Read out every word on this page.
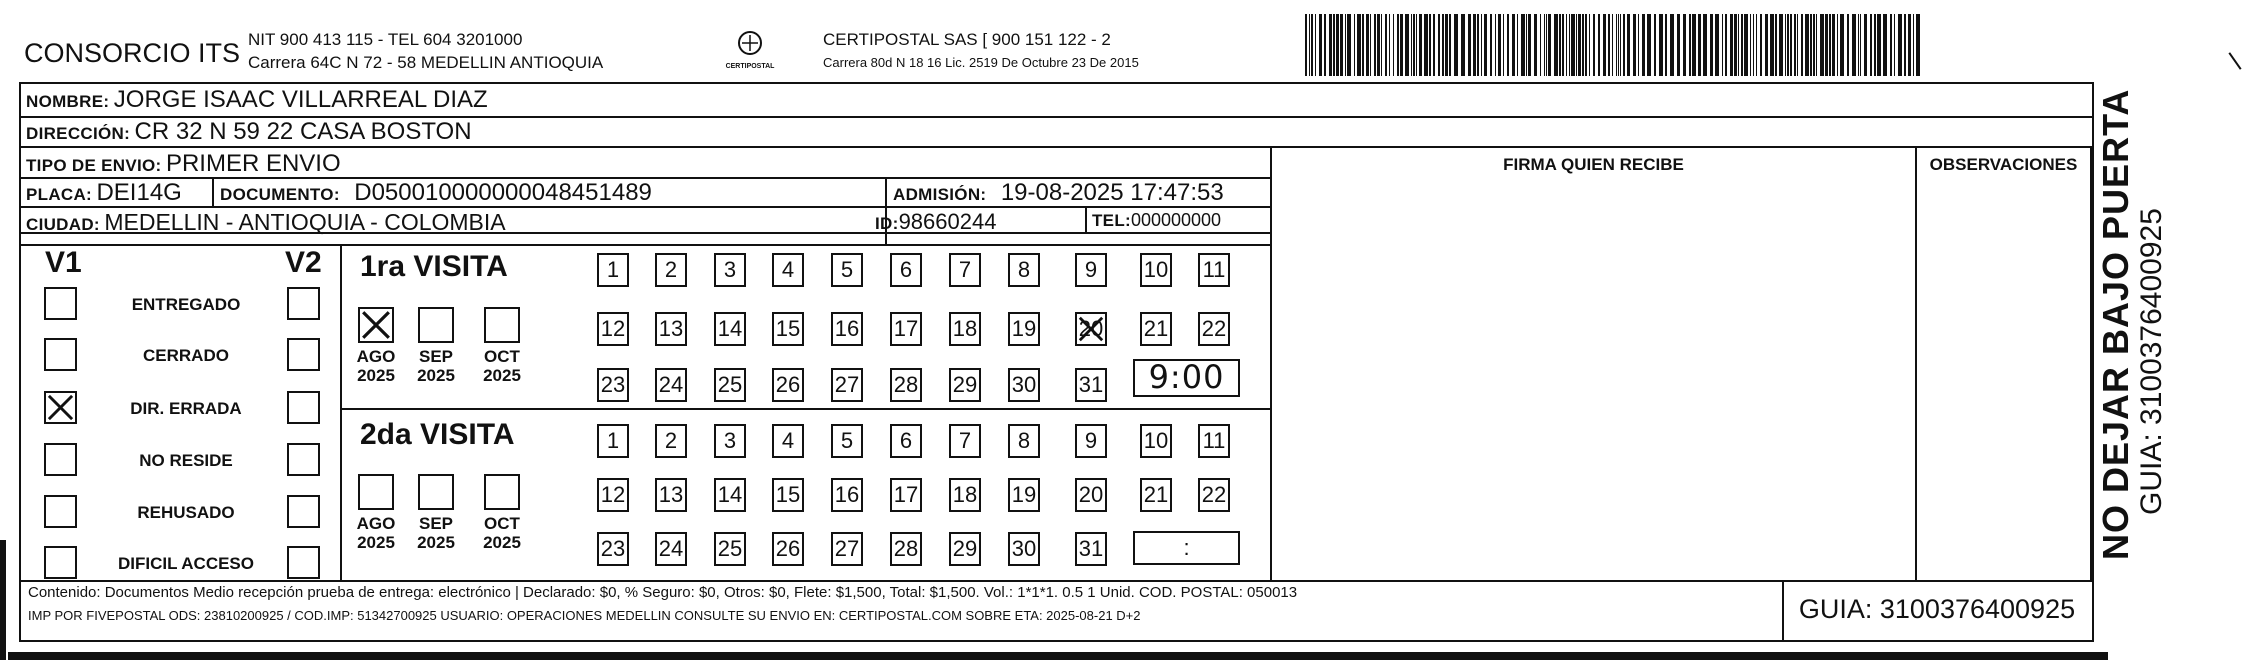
CONSORCIO ITS NIT 900 413 115 - TEL 604 3201000
Carrera 64C N 72 - 58 MEDELLIN ANTIOQUIA	CERTIPOSTAL
CERTIPOSTAL SAS [ 900 151 122 - 2
Carrera 80d N 18 16 Lic. 2519 De Octubre 23 De 2015
NOMBRE: JORGE ISAAC VILLARREAL DIAZ
DIRECCIÓN: CR 32 N 59 22 CASA BOSTON
TIPO DE ENVIO: PRIMER ENVIO
PLACA: DEI14G DOCUMENTO: D050010000000048451489	ADMISIÓN: 19-08-2025 17:47:53
CIUDAD: MEDELLIN - ANTIOQUIA - COLOMBIA	ID:98660244	TEL:000000000
FIRMA QUIEN RECIBE	OBSERVACIONES
V1	V2
ENTREGADO
CERRADO
DIR. ERRADA
NO RESIDE
REHUSADO
DIFICIL ACCESO
1ra VISITA
2da VISITA
AGO
2025
SEP
2025
OCT
2025
AGO
2025
SEP
2025
OCT
2025
1	2	3	4	5	6	7	8	9	10 11
12 13 14 15 16 17 18 19 20 21 22
23 24 25 26 27 28 29 30 31
1	2	3	4	5	6	7	8	9	10 11
12 13 14 15 16 17 18 19 20 21 22
23 24 25 26 27 28 29 30 31
9:00
:
Contenido: Documentos Medio recepción prueba de entrega: electrónico | Declarado: $0, % Seguro: $0, Otros: $0, Flete: $1,500, Total: $1,500. Vol.: 1*1*1. 0.5 1 Unid. COD. POSTAL: 050013
IMP POR FIVEPOSTAL ODS: 23810200925 / COD.IMP: 51342700925 USUARIO: OPERACIONES MEDELLIN CONSULTE SU ENVIO EN: CERTIPOSTAL.COM SOBRE ETA: 2025-08-21 D+2	GUIA: 3100376400925
NO DEJAR BAJO PUERTA GUIA: 3100376400925
